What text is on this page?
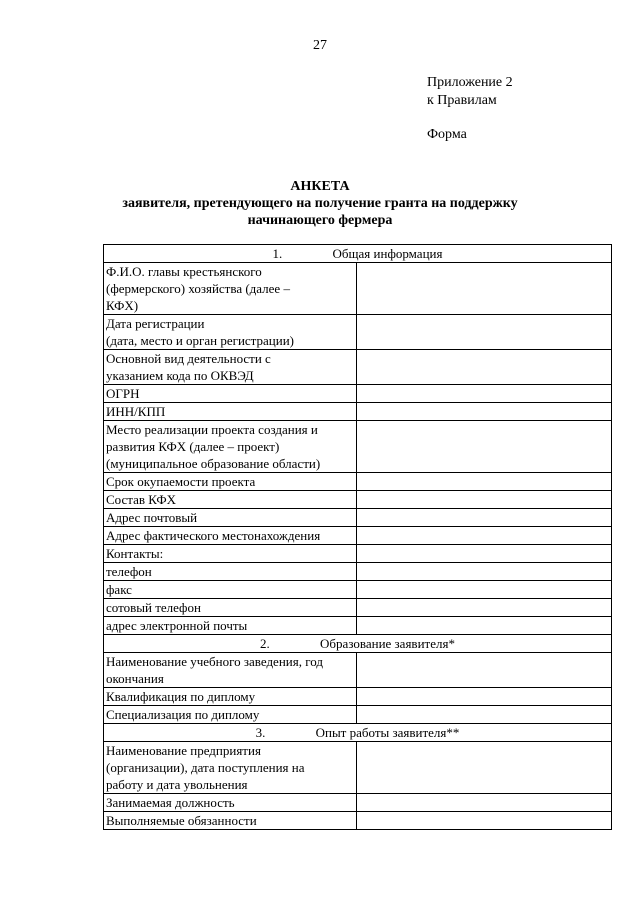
27
Приложение 2
к Правилам
Форма
АНКЕТА
заявителя, претендующего на получение гранта на поддержку
начинающего фермера
1. Общая информация	

Ф.И.О. главы крестьянского
(фермерского) хозяйства (далее –
КФХ)	

Дата регистрации
(дата, место и орган регистрации)	

Основной вид деятельности с
указанием кода по ОКВЭД	

ОГРН	

ИНН/КПП	

Место реализации проекта создания и
развития КФХ (далее – проект)
(муниципальное образование области)	

Срок окупаемости проекта	

Состав КФХ	

Адрес почтовый	

Адрес фактического местонахождения	

Контакты:	

телефон	

факс	

сотовый телефон	

адрес электронной почты	

2. Образование заявителя*	

Наименование учебного заведения, год
окончания	

Квалификация по диплому	

Специализация по диплому	

3. Опыт работы заявителя**	

Наименование предприятия
(организации), дата поступления на
работу и дата увольнения	

Занимаемая должность	

Выполняемые обязанности	
